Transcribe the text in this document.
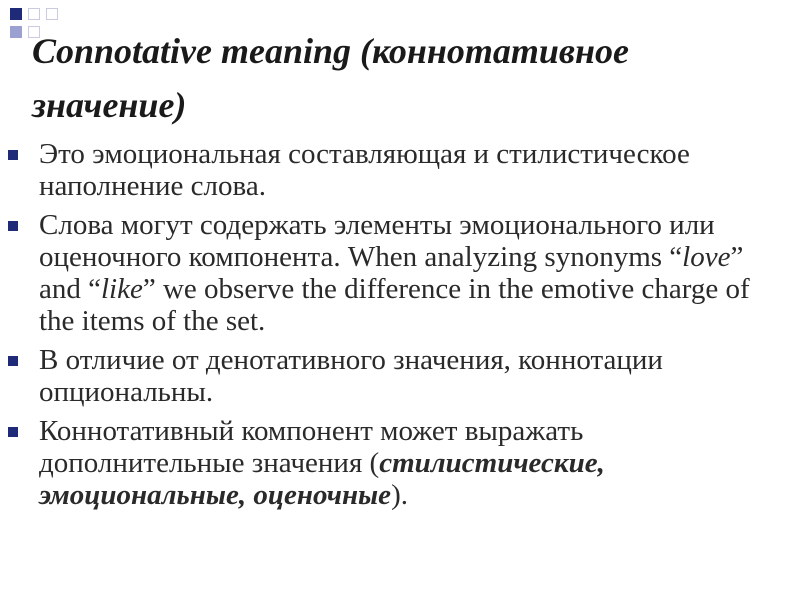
Connotative meaning (коннотативное значение)
Это эмоциональная составляющая и стилистическое наполнение слова.
Слова могут содержать элементы эмоционального или оценочного компонента. When analyzing synonyms “love” and “like” we observe the difference in the emotive charge of the items of the set.
В отличие от денотативного значения, коннотации опциональны.
Коннотативный компонент может выражать дополнительные значения (стилистические, эмоциональные, оценочные).
